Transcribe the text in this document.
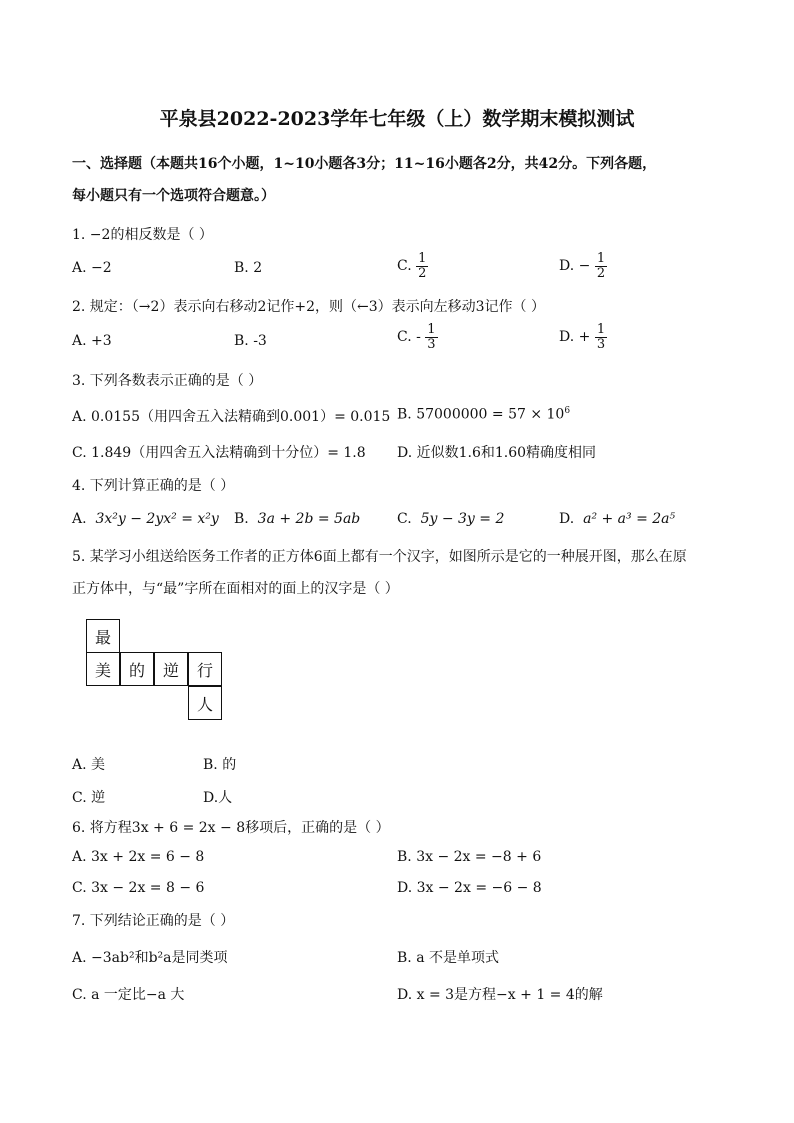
平泉县2022-2023学年七年级（上）数学期末模拟测试
一、选择题（本题共16个小题，1~10小题各3分；11~16小题各2分，共42分。下列各题，
每小题只有一个选项符合题意。）
1. −2的相反数是（ ）
A. −2	B. 2	C. $\frac{1}{2}$	D. − $\frac{1}{2}$
2. 规定：（→2）表示向右移动2记作+2，则（←3）表示向左移动3记作（ ）
A. +3	B. -3	C. - $\frac{1}{3}$	D. + $\frac{1}{3}$
3. 下列各数表示正确的是（ ）
A. 0.0155（用四舍五入法精确到0.001）= 0.015 B. $57000000 = 57 \times 10^6$
C. 1.849（用四舍五入法精确到十分位）= 1.8 D. 近似数1.6和1.60精确度相同
4. 下列计算正确的是（ ）
A. 3x²y − 2yx² = x²y B. 3a + 2b = 5ab	C. 5y − 3y = 2	D. a² + a³ = 2a⁵
5. 某学习小组送给医务工作者的正方体6面上都有一个汉字，如图所示是它的一种展开图，那么在原
正方体中，与“最”字所在面相对的面上的汉字是（ ）
最
美	的	逆	行
人
A. 美	B. 的
C. 逆	D.人
6. 将方程3x + 6 = 2x − 8移项后，正确的是（ ）
A. 3x + 2x = 6 − 8	B. 3x − 2x = −8 + 6
C. 3x − 2x = 8 − 6	D. 3x − 2x = −6 − 8
7. 下列结论正确的是（ ）
A. −3ab²和b²a是同类项	B. a 不是单项式
C. a 一定比−a 大	D. x = 3是方程−x + 1 = 4的解
